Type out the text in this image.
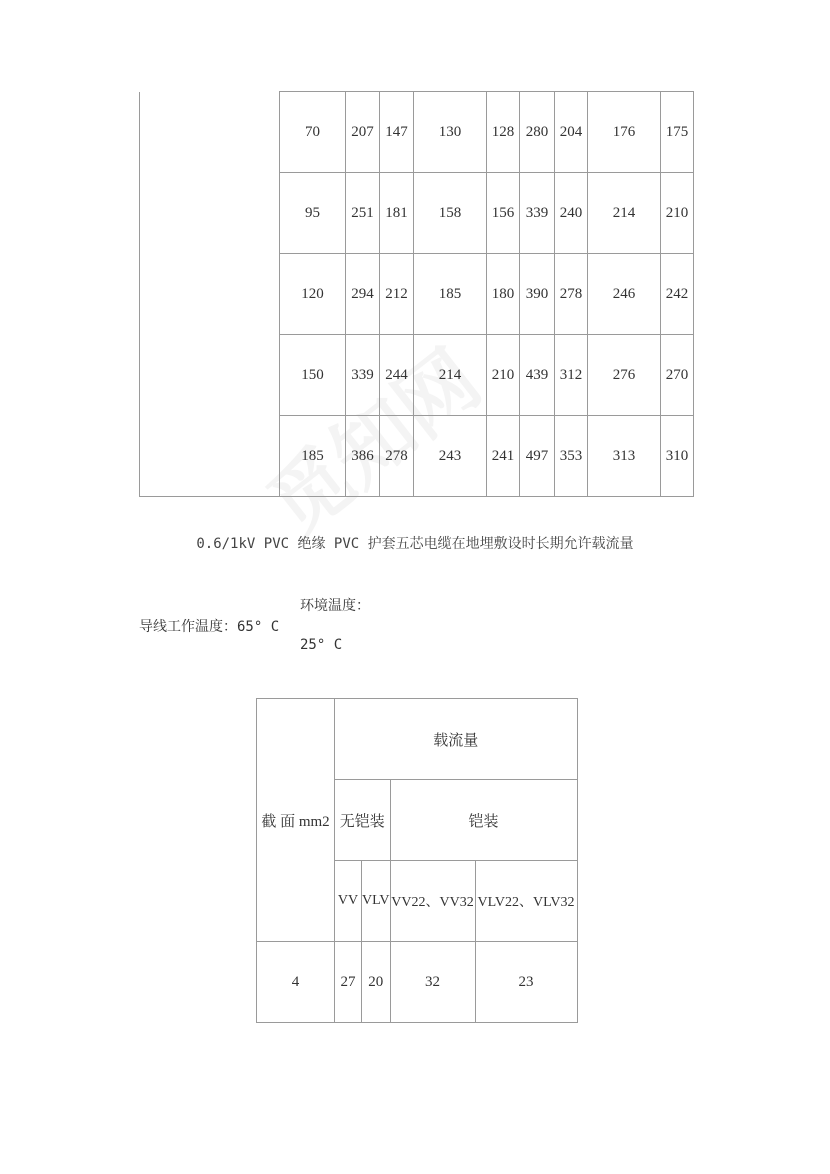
	70	207	147	130	128	280	204	176	175
	95	251	181	158	156	339	240	214	210
	120	294	212	185	180	390	278	246	242
	150	339	244	214	210	439	312	276	270
	185	386	278	243	241	497	353	313	310
0.6/1kV PVC 绝缘 PVC 护套五芯电缆在地埋敷设时长期允许载流量
环境温度：
导线工作温度：65° C
25° C
截 面 mm2	载流量			
	无铠装		铠装	
	VV	VLV	VV22、VV32	VLV22、VLV32
4	27	20	32	23
